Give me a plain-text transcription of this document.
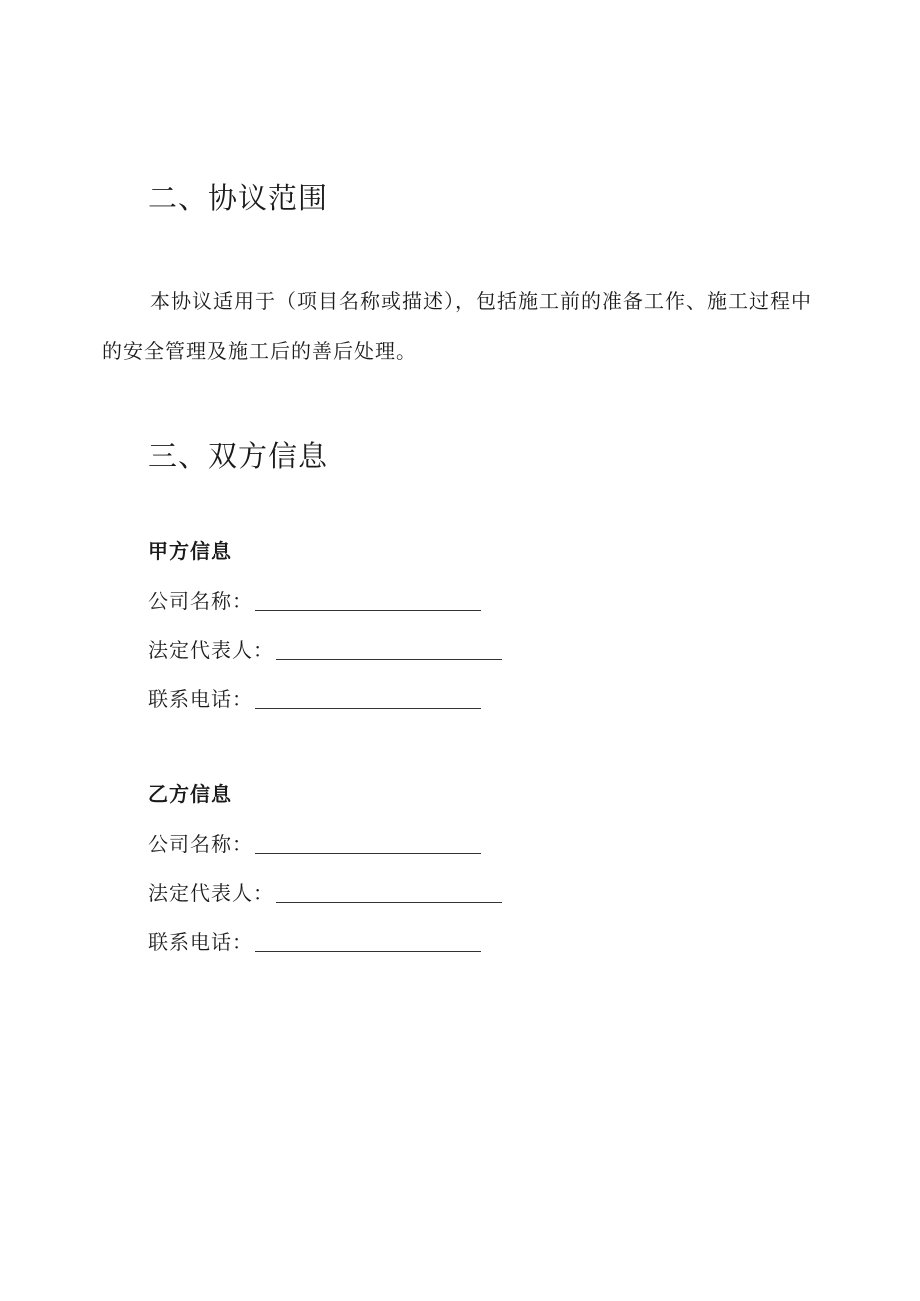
二、协议范围

本协议适用于（项目名称或描述），包括施工前的准备工作、施工过程中的安全管理及施工后的善后处理。

三、双方信息
甲方信息
公司名称：
法定代表人：
联系电话：
乙方信息
公司名称：
法定代表人：
联系电话：
